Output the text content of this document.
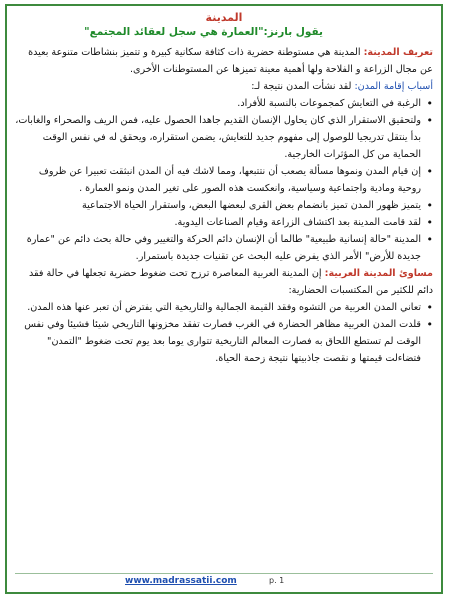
المدينة

يقول بارنز:"العمارة هي سجل لعقائد المجتمع"

تعريف المدينة: المدينة هي مستوطنة حضرية ذات كثافة سكانية كبيرة و تتميز بنشاطات متنوعة بعيدة عن مجال الزراعة و الفلاحة ولها أهمية معينة تميزها عن المستوطنات الأخرى.

أسباب إقامة المدن: لقد نشأت المدن نتيجة لـ:

• الرغبة في التعايش كمجموعات بالنسبة للأفراد.

• ولتحقيق الاستقرار الذي كان يحاول الإنسان القديم جاهدا الحصول عليه، فمن الريف والصحراء والغابات، بدأ ينتقل تدريجيا للوصول إلى مفهوم جديد للتعايش، يضمن استقراره، ويحقق له في نفس الوقت الحماية من كل المؤثرات الخارجية.

• إن قيام المدن ونموها مسألة يصعب أن نتتبعها، ومما لاشك فيه أن المدن انبثقت تعبيرا عن ظروف روحية ومادية واجتماعية وسياسية، وانعكست هذه الصور على تغير المدن ونمو العمارة .

• يتميز ظهور المدن تميز بانضمام بعض القرى لبعضها البعض، واستقرار الحياة الاجتماعية

• لقد قامت المدينة بعد اكتشاف الزراعة وقيام الصناعات اليدوية.

• المدينة "حالة إنسانية طبيعية" طالما أن الإنسان دائم الحركة والتغيير وفي حالة بحث دائم عن "عمارة جديدة للأرض" الأمر الذي يفرض عليه البحث عن تقنيات جديدة باستمرار.

مساوئ المدينة العربية: إن المدينة العربية المعاصرة ترزح تحت ضغوط حضرية تجعلها في حالة فقد دائم للكثير من المكتسبات الحضارية:

• تعاني المدن العربية من التشوه وفقد القيمة الجمالية والتاريخية التي يفترض أن تعبر عنها هذه المدن.

• قلدت المدن العربية مظاهر الحضارة في الغرب فصارت تفقد مخزونها التاريخي شيئا فشيئا وفي نفس الوقت لم تستطع اللحاق به فصارت المعالم التاريخية تتوارى يوما بعد يوم تحت ضغوط "التمدن" فتضاءلت قيمتها و نقصت جاذبيتها نتيجة زحمة الحياة.

www.madrassatii.com	p. 1
